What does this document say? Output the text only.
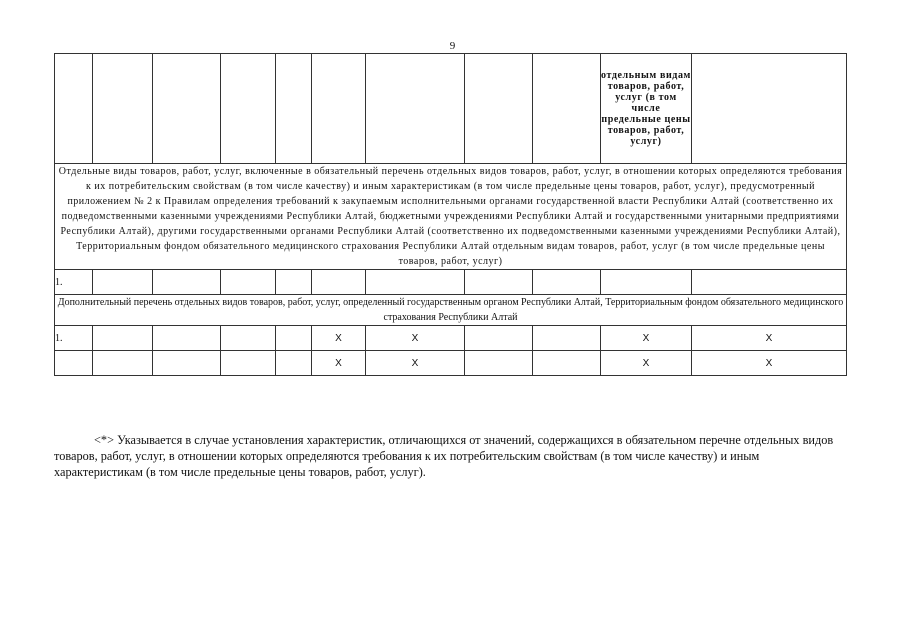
9
									отдельным видам товаров, работ, услуг (в том числе предельные цены товаров, работ, услуг)	
Отдельные виды товаров, работ, услуг, включенные в обязательный перечень отдельных видов товаров, работ, услуг, в отношении которых определяются требования к их потребительским свойствам (в том числе качеству) и иным характеристикам (в том числе предельные цены товаров, работ, услуг), предусмотренный приложением № 2 к Правилам определения требований к закупаемым исполнительными органами государственной власти Республики Алтай (соответственно их подведомственными казенными учреждениями Республики Алтай, бюджетными учреждениями Республики Алтай и государственными унитарными предприятиями Республики Алтай), другими государственными органами Республики Алтай (соответственно их подведомственными казенными учреждениями Республики Алтай), Территориальным фондом обязательного медицинского страхования Республики Алтай отдельным видам товаров, работ, услуг (в том числе предельные цены товаров, работ, услуг)										
1.										
Дополнительный перечень отдельных видов товаров, работ, услуг, определенный государственным органом Республики Алтай, Территориальным фондом обязательного медицинского страхования Республики Алтай										
1.					X	X			X	X
					X	X			X	X
<*> Указывается в случае установления характеристик, отличающихся от значений, содержащихся в обязательном перечне отдельных видов товаров, работ, услуг, в отношении которых определяются требования к их потребительским свойствам (в том числе качеству) и иным характеристикам (в том числе предельные цены товаров, работ, услуг).
